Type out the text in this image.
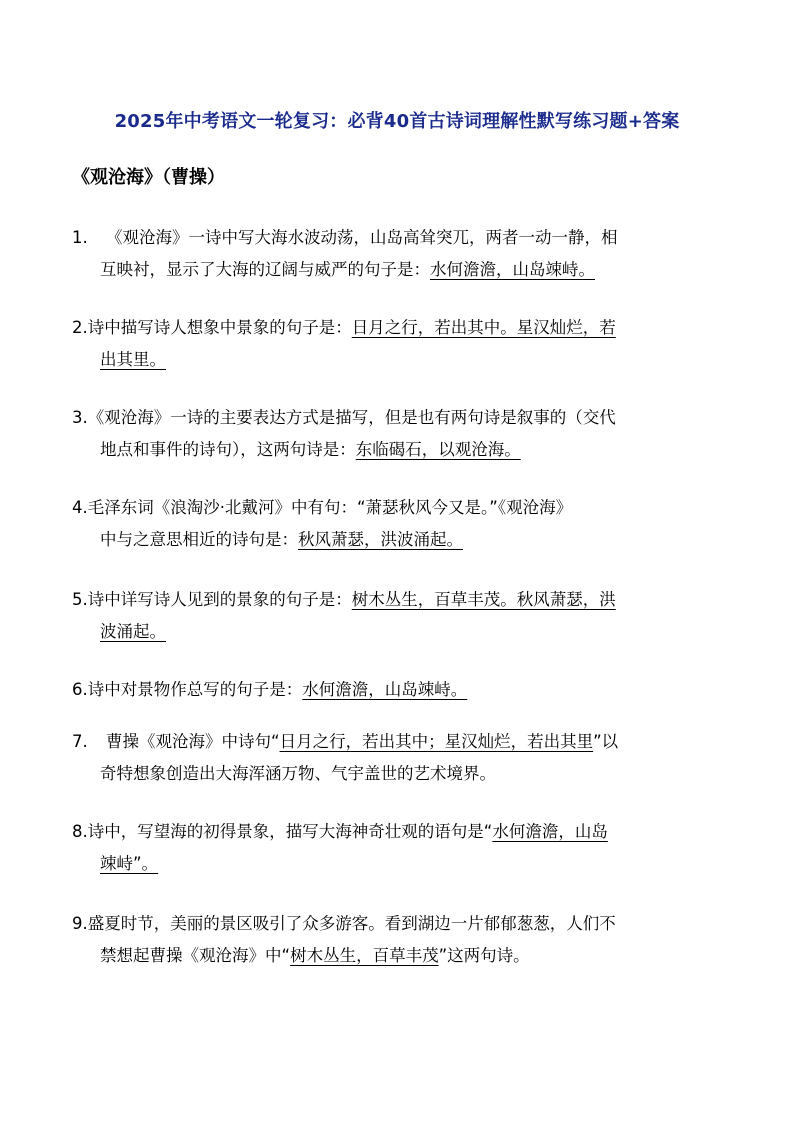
2025年中考语文一轮复习：必背40首古诗词理解性默写练习题+答案
《观沧海》（曹操）
1. 《观沧海》一诗中写大海水波动荡，山岛高耸突兀，两者一动一静，相
互映衬，显示了大海的辽阔与威严的句子是：水何澹澹，山岛竦峙。
2.诗中描写诗人想象中景象的句子是：日月之行，若出其中。星汉灿烂，若
出其里。
3.《观沧海》一诗的主要表达方式是描写，但是也有两句诗是叙事的（交代
地点和事件的诗句），这两句诗是：东临碣石，以观沧海。
4.毛泽东词《浪淘沙·北戴河》中有句：“萧瑟秋风今又是。”《观沧海》
中与之意思相近的诗句是：秋风萧瑟，洪波涌起。
5.诗中详写诗人见到的景象的句子是：树木丛生，百草丰茂。秋风萧瑟，洪
波涌起。
6.诗中对景物作总写的句子是：水何澹澹，山岛竦峙。
7. 曹操《观沧海》中诗句“日月之行，若出其中；星汉灿烂，若出其里”以
奇特想象创造出大海浑涵万物、气宇盖世的艺术境界。
8.诗中，写望海的初得景象，描写大海神奇壮观的语句是“水何澹澹，山岛
竦峙”。
9.盛夏时节，美丽的景区吸引了众多游客。看到湖边一片郁郁葱葱，人们不
禁想起曹操《观沧海》中“树木丛生，百草丰茂”这两句诗。
